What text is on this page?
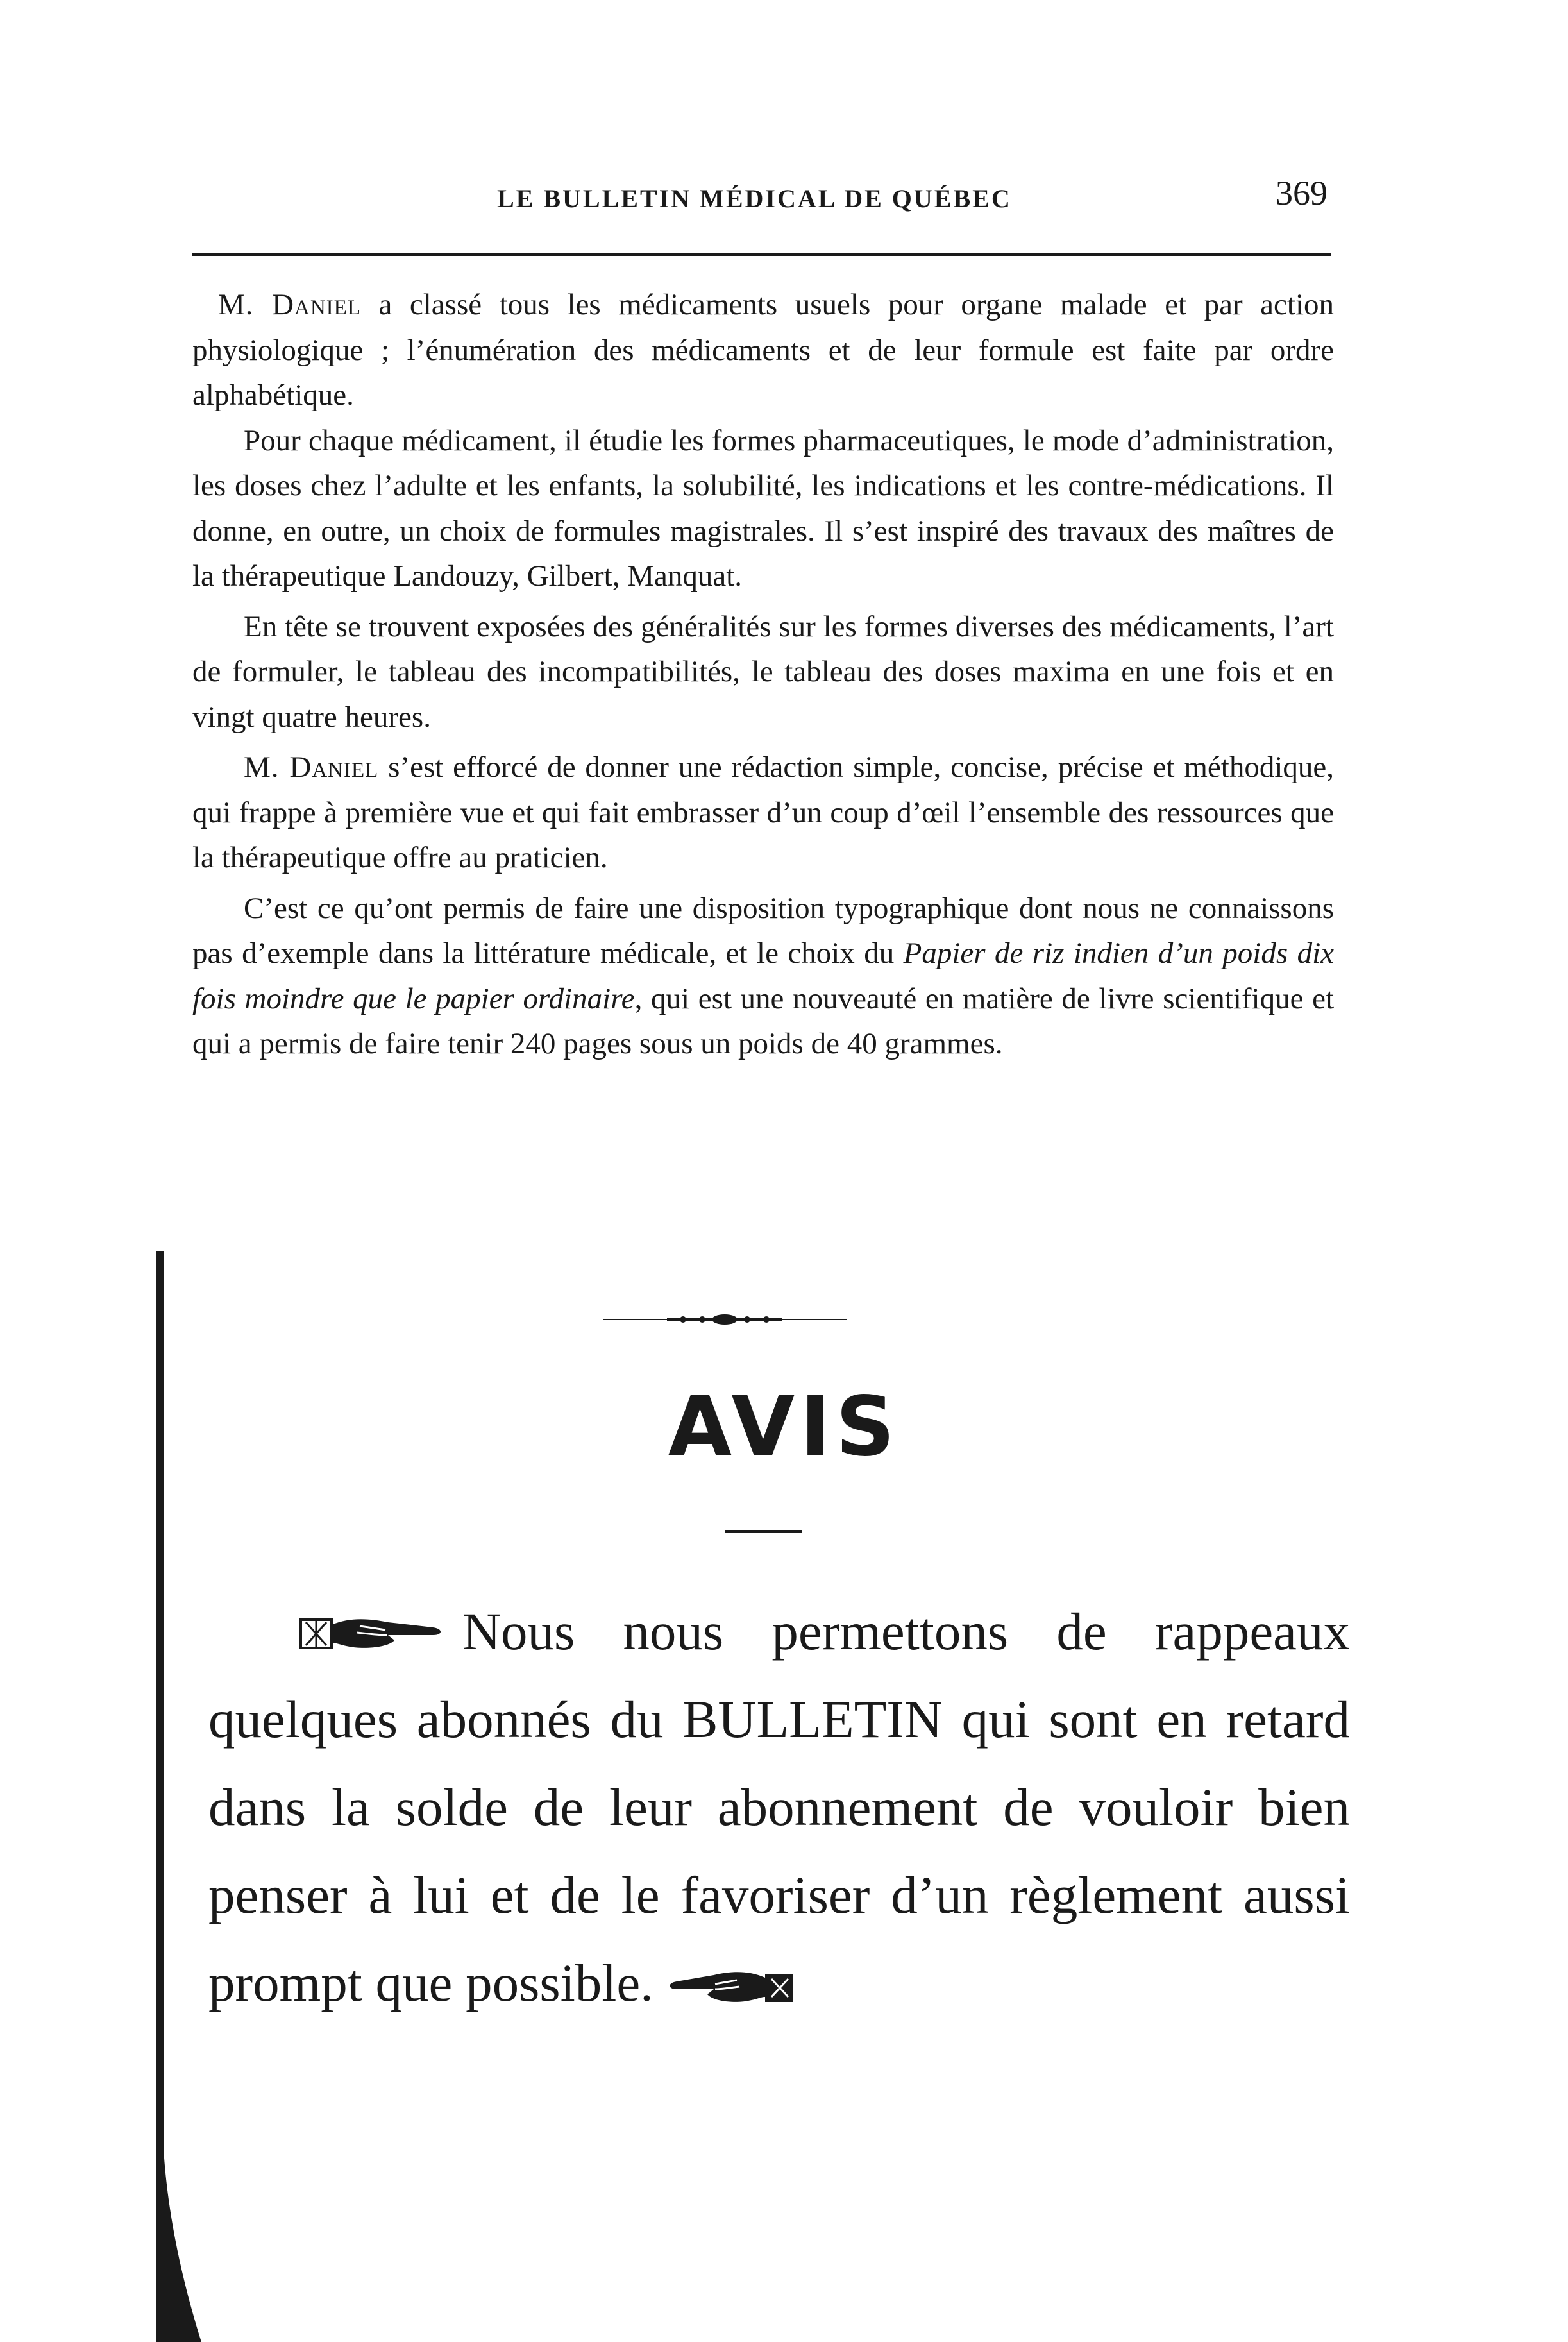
LE BULLETIN MÉDICAL DE QUÉBEC	369

M. Daniel a classé tous les médicaments usuels pour organe malade et par action physiologique ; l’énumération des médicaments et de leur formule est faite par ordre alphabétique.

Pour chaque médicament, il étudie les formes pharmaceutiques, le mode d’administration, les doses chez l’adulte et les enfants, la solubilité, les indications et les contre-médications. Il donne, en outre, un choix de formules magistrales. Il s’est inspiré des travaux des maîtres de la thérapeutique Landouzy, Gilbert, Manquat.

En tête se trouvent exposées des généralités sur les formes diverses des médicaments, l’art de formuler, le tableau des incompatibilités, le tableau des doses maxima en une fois et en vingt quatre heures.

M. Daniel s’est efforcé de donner une rédaction simple, concise, précise et méthodique, qui frappe à première vue et qui fait embrasser d’un coup d’œil l’ensemble des ressources que la thérapeutique offre au praticien.

C’est ce qu’ont permis de faire une disposition typographique dont nous ne connaissons pas d’exemple dans la littérature médicale, et le choix du Papier de riz indien d’un poids dix fois moindre que le papier ordinaire, qui est une nouveauté en matière de livre scientifique et qui a permis de faire tenir 240 pages sous un poids de 40 grammes.

AVIS

Nous nous permettons de rappeaux quelques abonnés du BULLETIN qui sont en retard dans la solde de leur abonnement de vouloir bien penser à lui et de le favoriser d’un règlement aussi prompt que possible.
